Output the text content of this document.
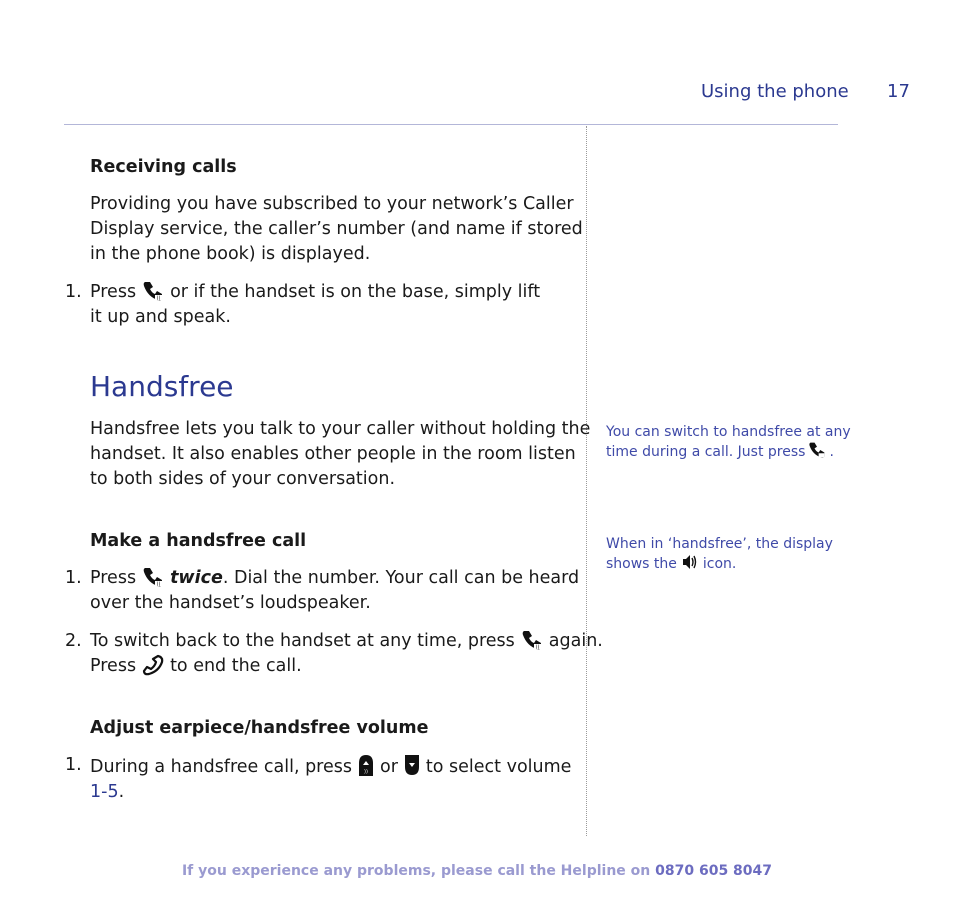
Using the phone 17
Receiving calls
Providing you have subscribed to your network’s Caller
Display service, the caller’s number (and name if stored
in the phone book) is displayed.
1. Press	)) or if the handset is on the base, simply lift
it up and speak.
Handsfree
Handsfree lets you talk to your caller without holding the
handset. It also enables other people in the room listen
to both sides of your conversation.
Make a handsfree call
1. Press	)) twice. Dial the number. Your call can be heard
over the handset’s loudspeaker.
2. To switch back to the handset at any time, press	)) again.
Press to end the call.
Adjust earpiece/handsfree volume
1. During a handsfree call, press )) or to select volume
1-5.
You can switch to handsfree at any
time during a call. Just press .
When in ‘handsfree’, the display
shows the icon.
If you experience any problems, please call the Helpline on 0870 605 8047
